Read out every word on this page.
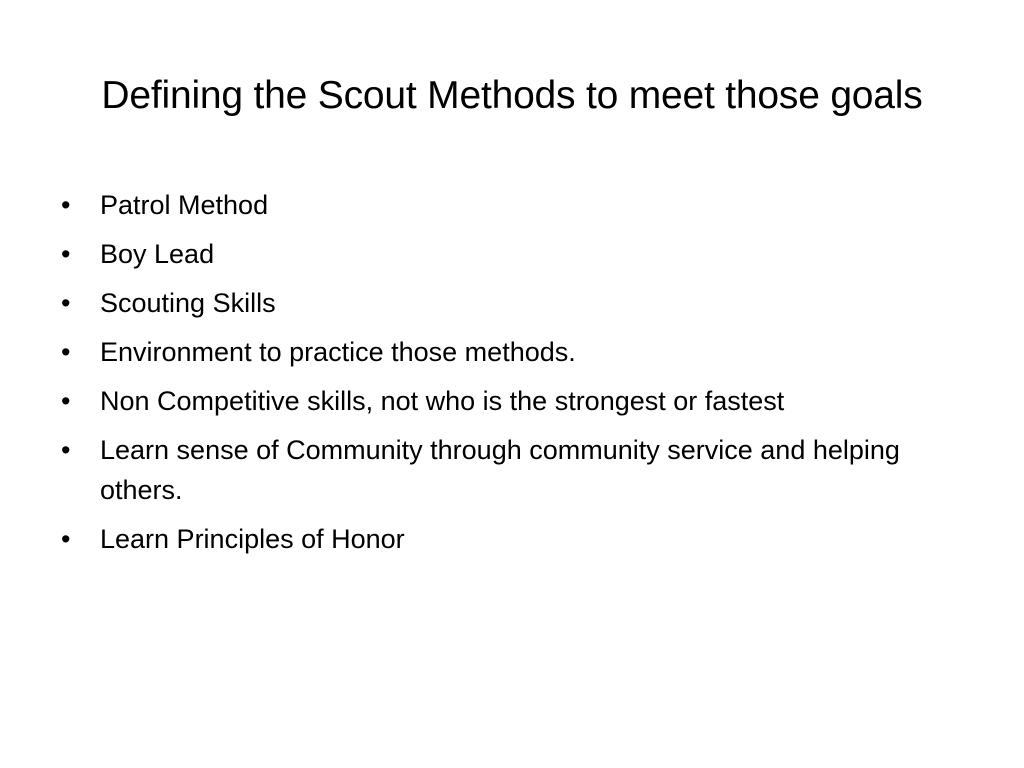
Defining the Scout Methods to meet those goals
•	Patrol Method
•	Boy Lead
•	Scouting Skills
•	Environment to practice those methods.
•	Non Competitive skills, not who is the strongest or fastest
•	Learn sense of Community through community service and helping others.
•	Learn Principles of Honor
